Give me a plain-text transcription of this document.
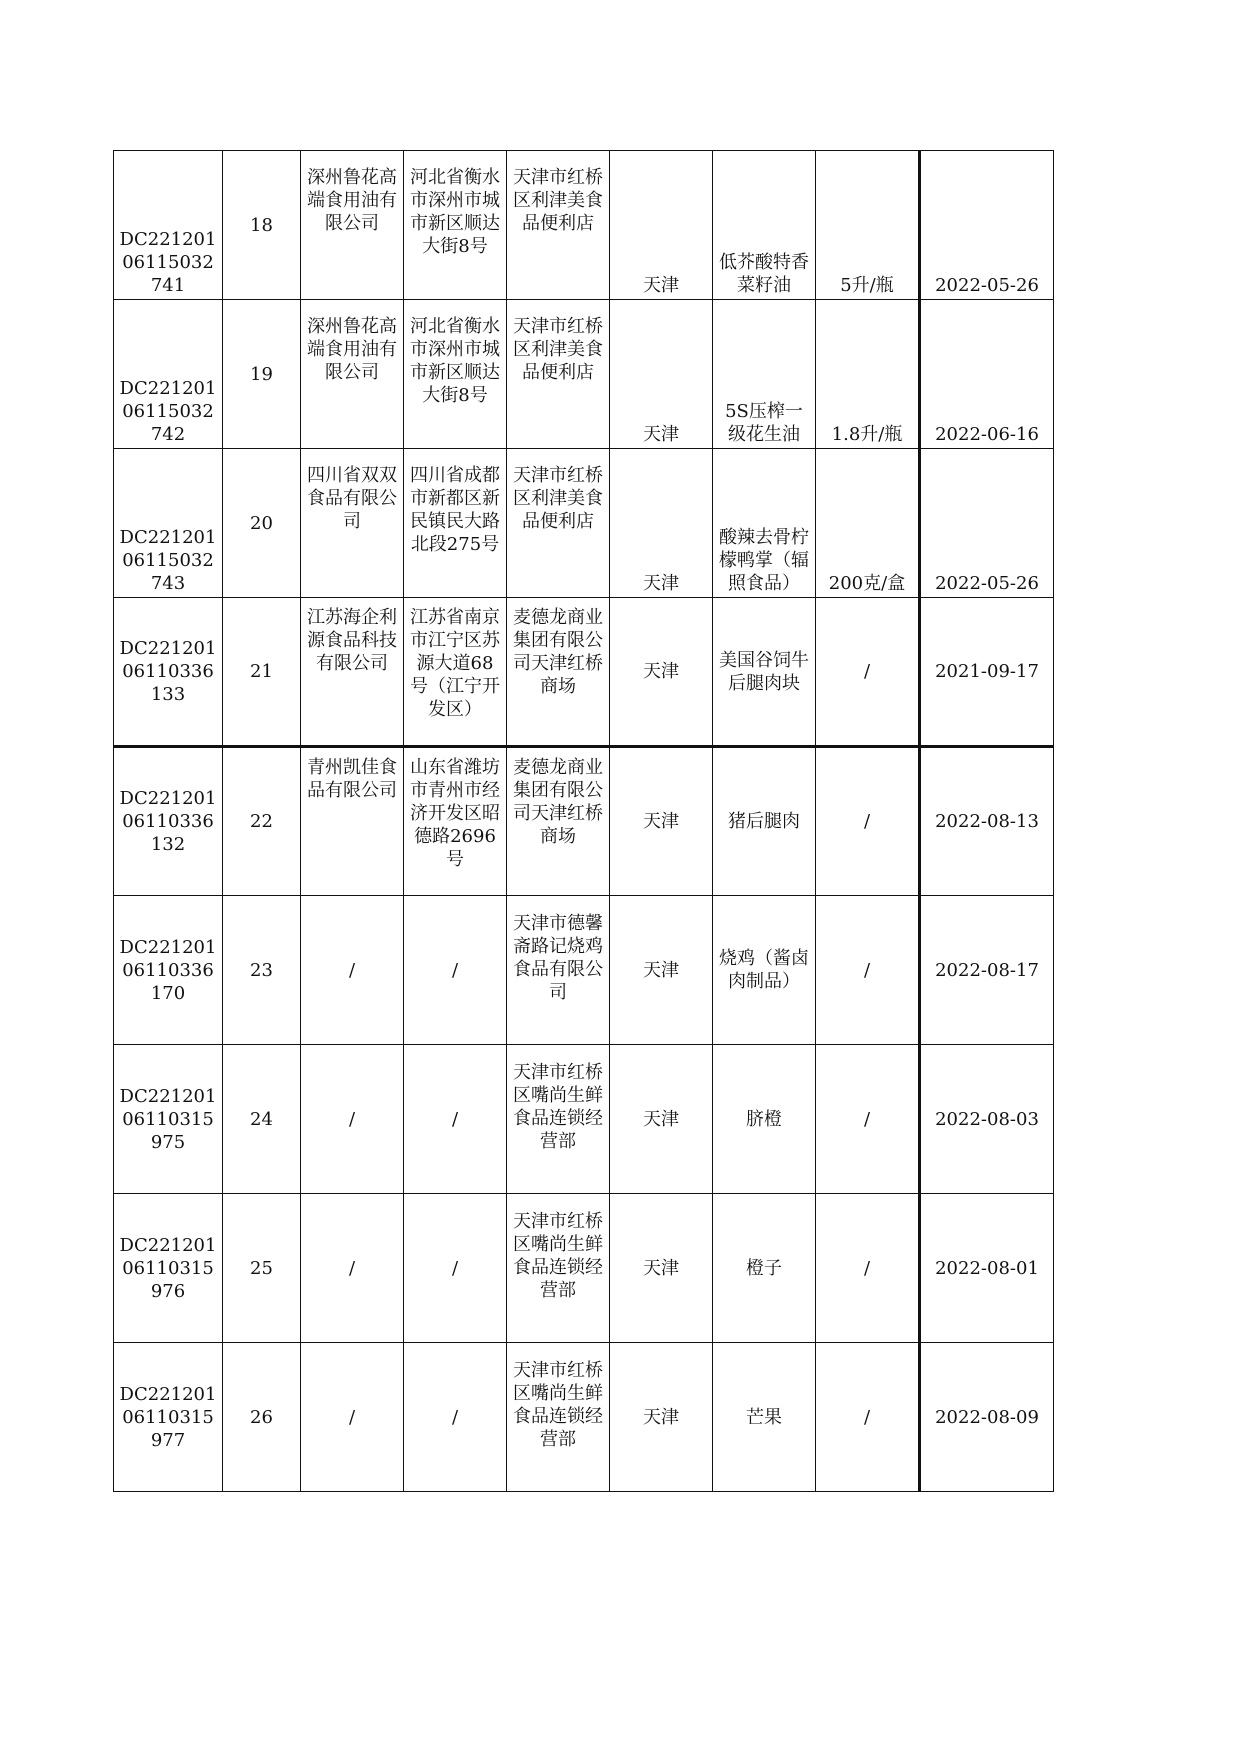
DC22120106115032741	18	深州鲁花高端食用油有限公司	河北省衡水市深州市城市新区顺达大街8号	天津市红桥区利津美食品便利店	天津	低芥酸特香菜籽油	5升/瓶	2022-05-26
DC22120106115032742	19	深州鲁花高端食用油有限公司	河北省衡水市深州市城市新区顺达大街8号	天津市红桥区利津美食品便利店	天津	5S压榨一级花生油	1.8升/瓶	2022-06-16
DC22120106115032743	20	四川省双双食品有限公司	四川省成都市新都区新民镇民大路北段275号	天津市红桥区利津美食品便利店	天津	酸辣去骨柠檬鸭掌（辐照食品）	200克/盒	2022-05-26
DC22120106110336133	21	江苏海企利源食品科技有限公司	江苏省南京市江宁区苏源大道68号（江宁开发区）	麦德龙商业集团有限公司天津红桥商场	天津	美国谷饲牛后腿肉块	/	2021-09-17
DC22120106110336132	22	青州凯佳食品有限公司	山东省潍坊市青州市经济开发区昭德路2696号	麦德龙商业集团有限公司天津红桥商场	天津	猪后腿肉	/	2022-08-13
DC22120106110336170	23	/	/	天津市德馨斋路记烧鸡食品有限公司	天津	烧鸡（酱卤肉制品）	/	2022-08-17
DC22120106110315975	24	/	/	天津市红桥区嘴尚生鲜食品连锁经营部	天津	脐橙	/	2022-08-03
DC22120106110315976	25	/	/	天津市红桥区嘴尚生鲜食品连锁经营部	天津	橙子	/	2022-08-01
DC22120106110315977	26	/	/	天津市红桥区嘴尚生鲜食品连锁经营部	天津	芒果	/	2022-08-09
